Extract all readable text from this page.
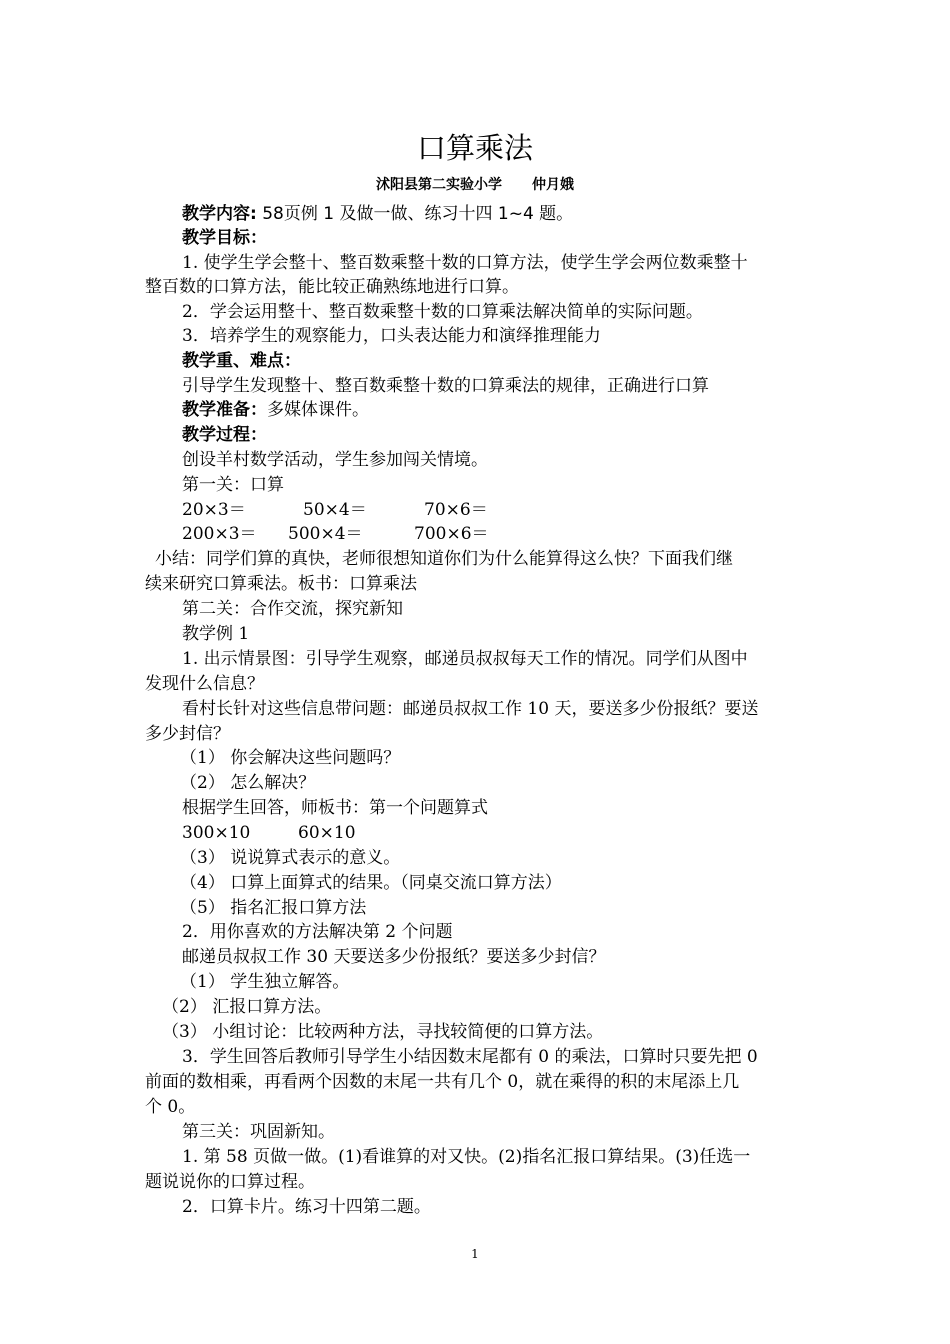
口算乘法
沭阳县第二实验小学 仲月娥
教学内容: 58页例 1 及做一做、练习十四 1~4 题。
教学目标：
1. 使学生学会整十、整百数乘整十数的口算方法，使学生学会两位数乘整十
整百数的口算方法，能比较正确熟练地进行口算。
2．学会运用整十、整百数乘整十数的口算乘法解决简单的实际问题。
3．培养学生的观察能力，口头表达能力和演绎推理能力
教学重、难点：
引导学生发现整十、整百数乘整十数的口算乘法的规律，正确进行口算
教学准备：多媒体课件。
教学过程：
创设羊村数学活动，学生参加闯关情境。
第一关：口算
20×3＝	50×4＝	70×6＝
200×3＝ 500×4＝	700×6＝
小结：同学们算的真快，老师很想知道你们为什么能算得这么快？下面我们继
续来研究口算乘法。板书：口算乘法
第二关：合作交流，探究新知
教学例 1
1. 出示情景图：引导学生观察，邮递员叔叔每天工作的情况。同学们从图中
发现什么信息？
看村长针对这些信息带问题：邮递员叔叔工作 10 天，要送多少份报纸？要送
多少封信？
（1） 你会解决这些问题吗？
（2） 怎么解决？
根据学生回答，师板书：第一个问题算式
300×10	60×10
（3） 说说算式表示的意义。
（4） 口算上面算式的结果。（同桌交流口算方法）
（5） 指名汇报口算方法
2．用你喜欢的方法解决第 2 个问题
邮递员叔叔工作 30 天要送多少份报纸？要送多少封信？
（1） 学生独立解答。
（2） 汇报口算方法。
（3） 小组讨论：比较两种方法，寻找较简便的口算方法。
3．学生回答后教师引导学生小结因数末尾都有 0 的乘法，口算时只要先把 0
前面的数相乘，再看两个因数的末尾一共有几个 0，就在乘得的积的末尾添上几
个 0。
第三关：巩固新知。
1. 第 58 页做一做。(1)看谁算的对又快。(2)指名汇报口算结果。(3)任选一
题说说你的口算过程。
2．口算卡片。练习十四第二题。
1
